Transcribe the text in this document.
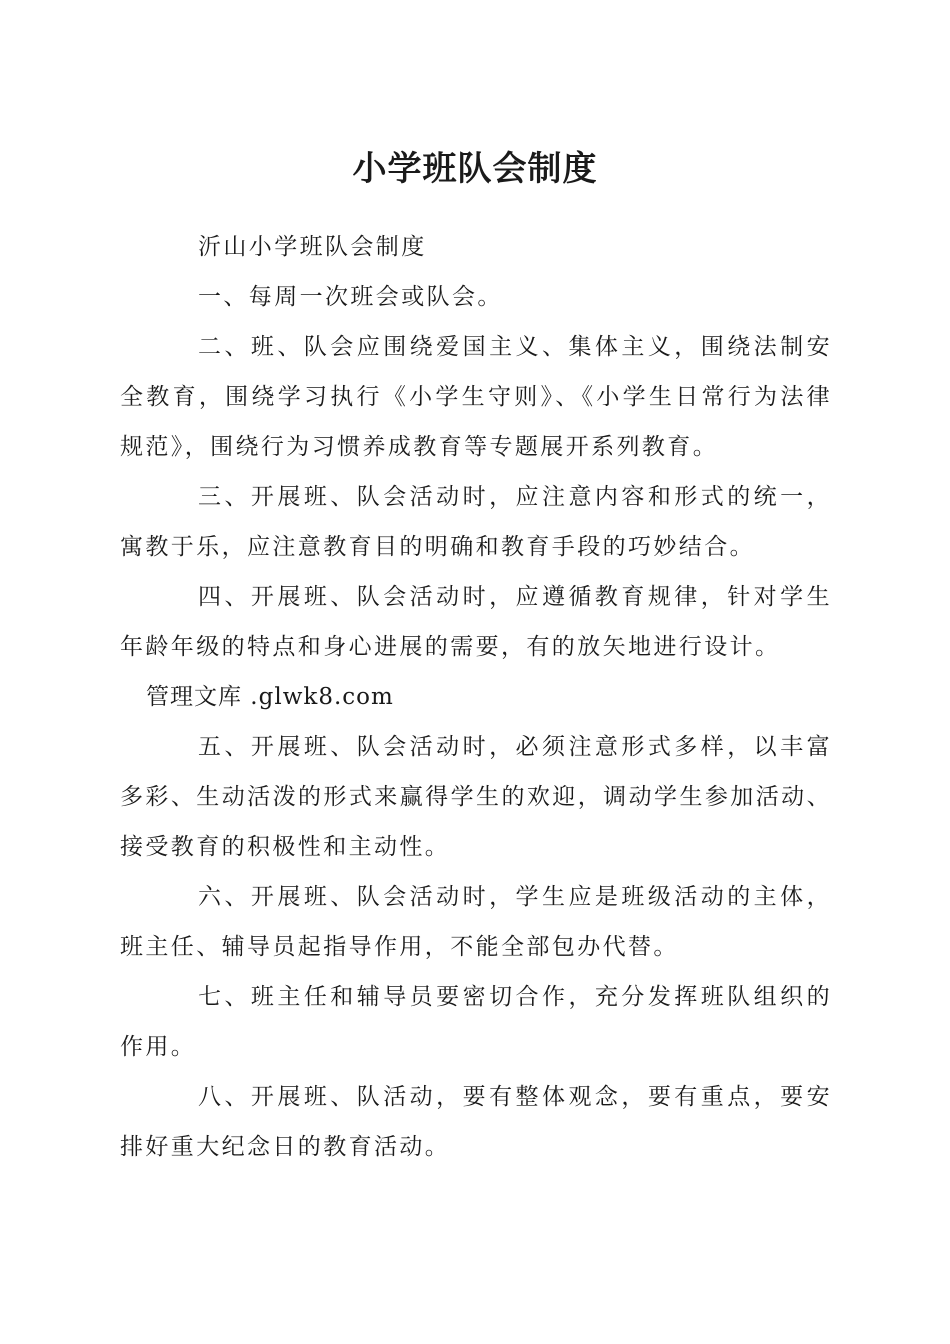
小学班队会制度

沂山小学班队会制度

一、每周一次班会或队会。

二、班、队会应围绕爱国主义、集体主义，围绕法制安全教育，围绕学习执行《小学生守则》、《小学生日常行为法律规范》，围绕行为习惯养成教育等专题展开系列教育。

三、开展班、队会活动时，应注意内容和形式的统一，寓教于乐，应注意教育目的明确和教育手段的巧妙结合。

四、开展班、队会活动时，应遵循教育规律，针对学生年龄年级的特点和身心进展的需要，有的放矢地进行设计。

管理文库 .glwk8.com

五、开展班、队会活动时，必须注意形式多样，以丰富多彩、生动活泼的形式来赢得学生的欢迎，调动学生参加活动、接受教育的积极性和主动性。

六、开展班、队会活动时，学生应是班级活动的主体，班主任、辅导员起指导作用，不能全部包办代替。

七、班主任和辅导员要密切合作，充分发挥班队组织的作用。

八、开展班、队活动，要有整体观念，要有重点，要安排好重大纪念日的教育活动。
